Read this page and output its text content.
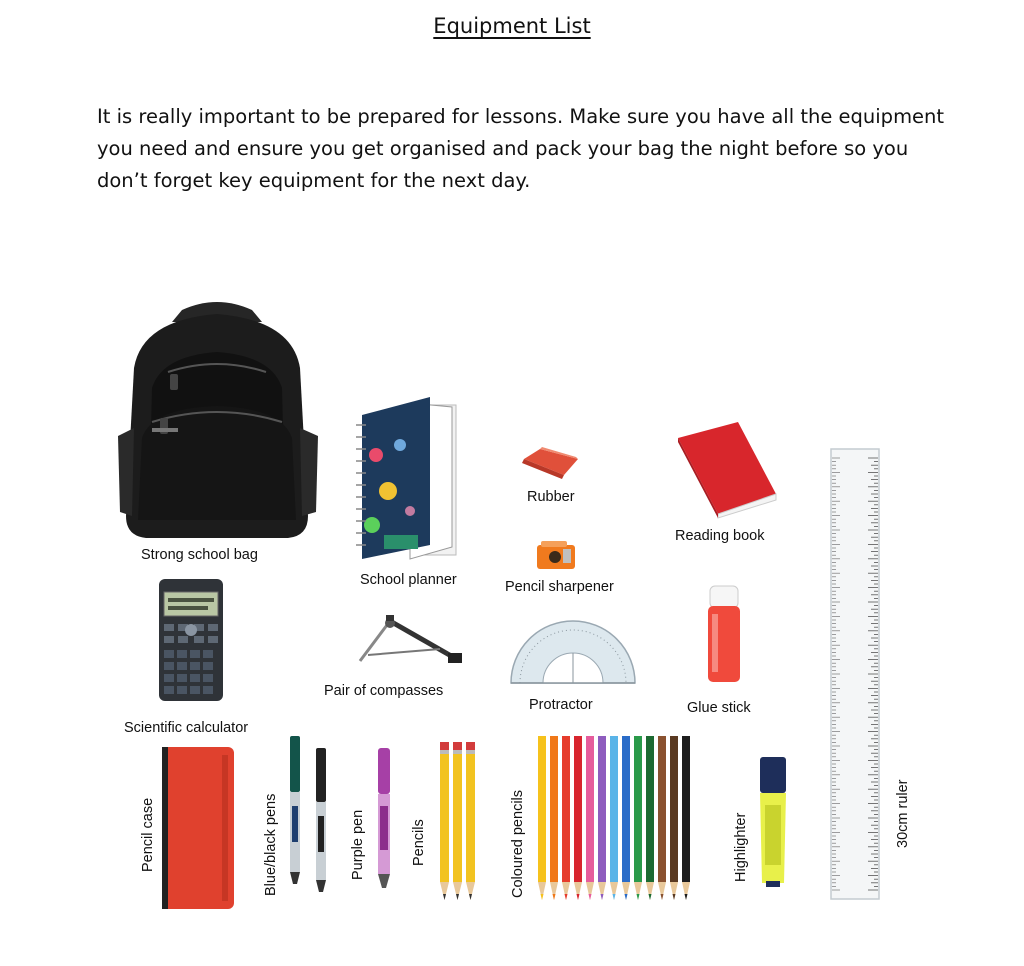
Equipment List
It is really important to be prepared for lessons. Make sure you have all the equipment you need and ensure you get organised and pack your bag the night before so you don’t forget key equipment for the next day.
Strong school bag
School planner
Rubber
Reading book
Pencil sharpener
Glue stick
Scientific calculator
Pair of compasses
Protractor
Pencil case	Blue/black pens	Purple pen	Pencils	Coloured pencils	Highlighter	30cm ruler
